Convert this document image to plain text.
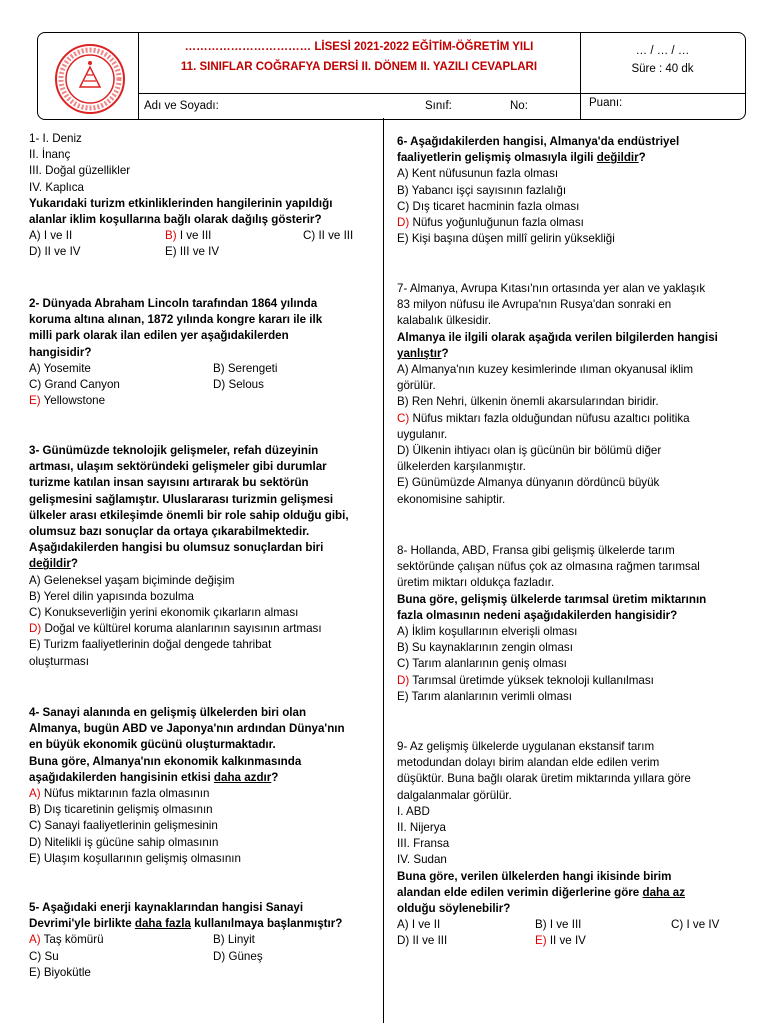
…………………………… LİSESİ 2021-2022 EĞİTİM-ÖĞRETİM YILI
11. SINIFLAR COĞRAFYA DERSİ II. DÖNEM II. YAZILI CEVAPLARI
… / … / …
Süre : 40 dk
Adı ve Soyadı:	Sınıf:	No:	Puanı:

1- I. Deniz

II. İnanç

III. Doğal güzellikler

IV. Kaplıca

Yukarıdaki turizm etkinliklerinden hangilerinin yapıldığı

alanlar iklim koşullarına bağlı olarak dağılış gösterir?

A) I ve II	B) I ve III	C) II ve III
D) II ve IV	E) III ve IV

2- Dünyada Abraham Lincoln tarafından 1864 yılında

koruma altına alınan, 1872 yılında kongre kararı ile ilk

milli park olarak ilan edilen yer aşağıdakilerden

hangisidir?

A) Yosemite	B) Serengeti
C) Grand Canyon	D) Selous
E) Yellowstone

3- Günümüzde teknolojik gelişmeler, refah düzeyinin

artması, ulaşım sektöründeki gelişmeler gibi durumlar

turizme katılan insan sayısını artırarak bu sektörün

gelişmesini sağlamıştır. Uluslararası turizmin gelişmesi

ülkeler arası etkileşimde önemli bir role sahip olduğu gibi,

olumsuz bazı sonuçlar da ortaya çıkarabilmektedir.

Aşağıdakilerden hangisi bu olumsuz sonuçlardan biri

değildir?

A) Geleneksel yaşam biçiminde değişim

B) Yerel dilin yapısında bozulma

C) Konukseverliğin yerini ekonomik çıkarların alması

D) Doğal ve kültürel koruma alanlarının sayısının artması

E) Turizm faaliyetlerinin doğal dengede tahribat

oluşturması

4- Sanayi alanında en gelişmiş ülkelerden biri olan

Almanya, bugün ABD ve Japonya'nın ardından Dünya'nın

en büyük ekonomik gücünü oluşturmaktadır.

Buna göre, Almanya'nın ekonomik kalkınmasında

aşağıdakilerden hangisinin etkisi daha azdır?

A) Nüfus miktarının fazla olmasının

B) Dış ticaretinin gelişmiş olmasının

C) Sanayi faaliyetlerinin gelişmesinin

D) Nitelikli iş gücüne sahip olmasının

E) Ulaşım koşullarının gelişmiş olmasının

5- Aşağıdaki enerji kaynaklarından hangisi Sanayi

Devrimi'yle birlikte daha fazla kullanılmaya başlanmıştır?

A) Taş kömürü	B) Linyit
C) Su	D) Güneş
E) Biyokütle

6- Aşağıdakilerden hangisi, Almanya'da endüstriyel

faaliyetlerin gelişmiş olmasıyla ilgili değildir?

A) Kent nüfusunun fazla olması

B) Yabancı işçi sayısının fazlalığı

C) Dış ticaret hacminin fazla olması

D) Nüfus yoğunluğunun fazla olması

E) Kişi başına düşen millî gelirin yüksekliği

7- Almanya, Avrupa Kıtası'nın ortasında yer alan ve yaklaşık

83 milyon nüfusu ile Avrupa'nın Rusya'dan sonraki en

kalabalık ülkesidir.

Almanya ile ilgili olarak aşağıda verilen bilgilerden hangisi

yanlıştır?

A) Almanya'nın kuzey kesimlerinde ılıman okyanusal iklim

görülür.

B) Ren Nehri, ülkenin önemli akarsularından biridir.

C) Nüfus miktarı fazla olduğundan nüfusu azaltıcı politika

uygulanır.

D) Ülkenin ihtiyacı olan iş gücünün bir bölümü diğer

ülkelerden karşılanmıştır.

E) Günümüzde Almanya dünyanın dördüncü büyük

ekonomisine sahiptir.

8- Hollanda, ABD, Fransa gibi gelişmiş ülkelerde tarım

sektöründe çalışan nüfus çok az olmasına rağmen tarımsal

üretim miktarı oldukça fazladır.

Buna göre, gelişmiş ülkelerde tarımsal üretim miktarının

fazla olmasının nedeni aşağıdakilerden hangisidir?

A) İklim koşullarının elverişli olması

B) Su kaynaklarının zengin olması

C) Tarım alanlarının geniş olması

D) Tarımsal üretimde yüksek teknoloji kullanılması

E) Tarım alanlarının verimli olması

9- Az gelişmiş ülkelerde uygulanan ekstansif tarım

metodundan dolayı birim alandan elde edilen verim

düşüktür. Buna bağlı olarak üretim miktarında yıllara göre

dalgalanmalar görülür.

I. ABD

II. Nijerya

III. Fransa

IV. Sudan

Buna göre, verilen ülkelerden hangi ikisinde birim

alandan elde edilen verimin diğerlerine göre daha az

olduğu söylenebilir?

A) I ve II	B) I ve III	C) I ve IV
D) II ve III	E) II ve IV
